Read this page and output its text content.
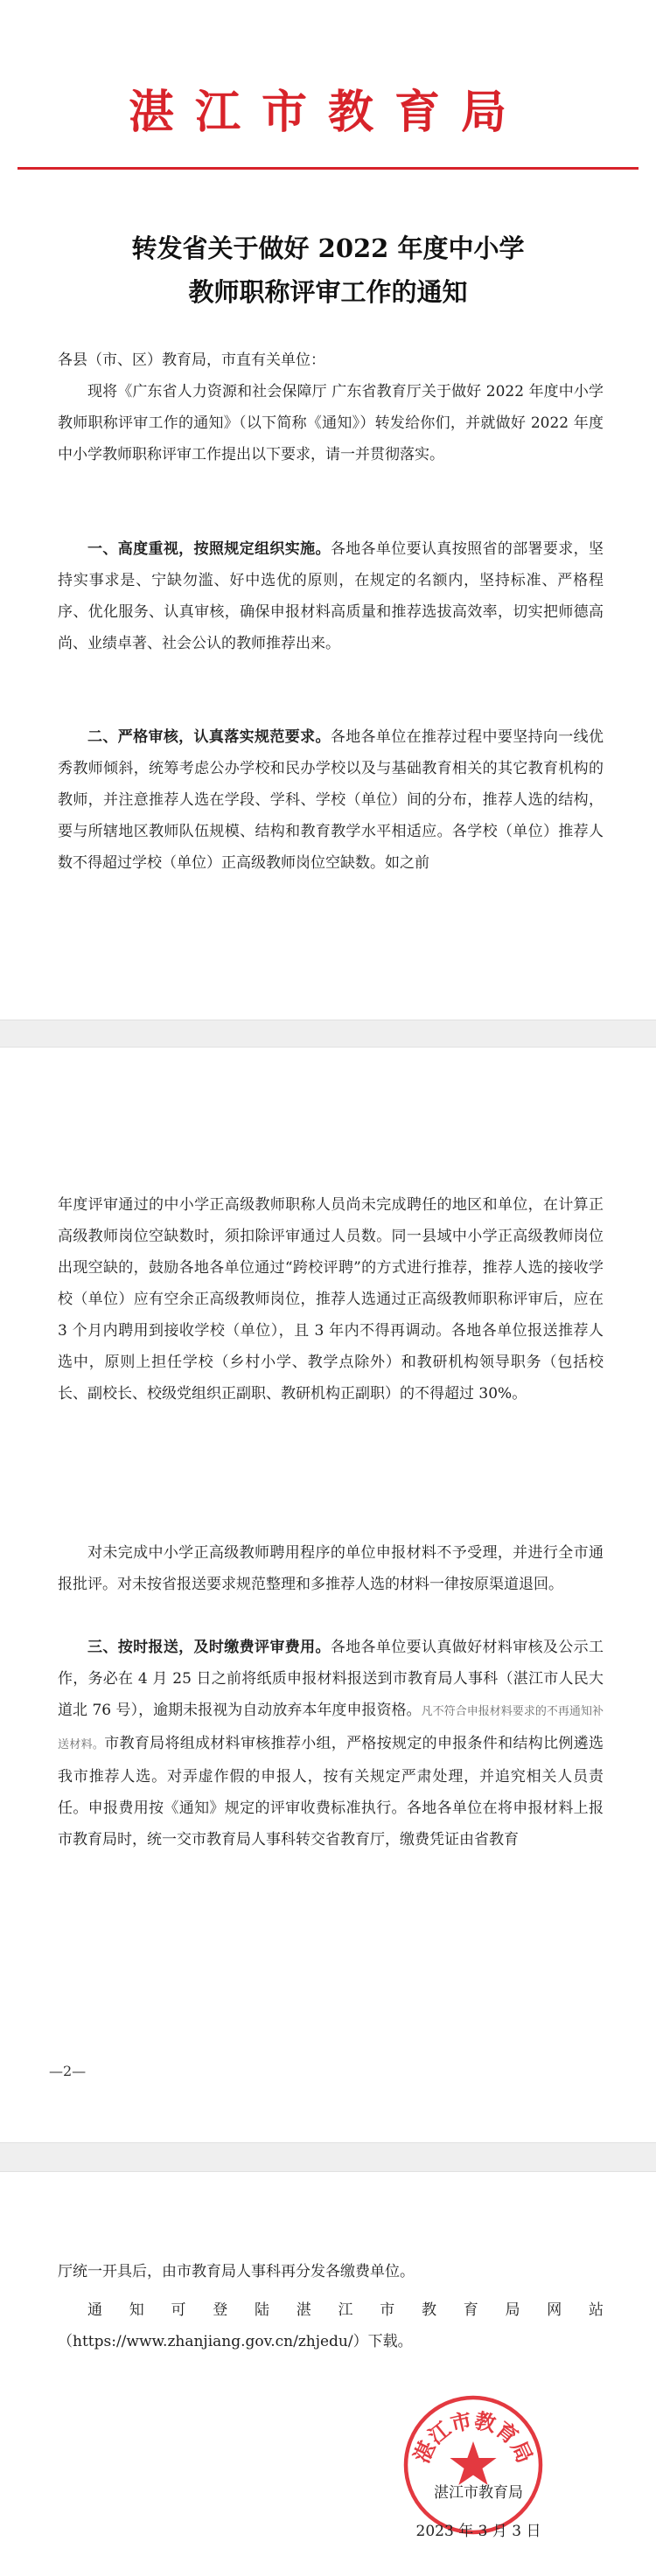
湛江市教育局
转发省关于做好 2022 年度中小学
教师职称评审工作的通知

各县（市、区）教育局，市直有关单位：

现将《广东省人力资源和社会保障厅 广东省教育厅关于做好 2022 年度中小学教师职称评审工作的通知》（以下简称《通知》）转发给你们，并就做好 2022 年度中小学教师职称评审工作提出以下要求，请一并贯彻落实。

一、高度重视，按照规定组织实施。各地各单位要认真按照省的部署要求，坚持实事求是、宁缺勿滥、好中选优的原则，在规定的名额内，坚持标准、严格程序、优化服务、认真审核，确保申报材料高质量和推荐选拔高效率，切实把师德高尚、业绩卓著、社会公认的教师推荐出来。

二、严格审核，认真落实规范要求。各地各单位在推荐过程中要坚持向一线优秀教师倾斜，统筹考虑公办学校和民办学校以及与基础教育相关的其它教育机构的教师，并注意推荐人选在学段、学科、学校（单位）间的分布，推荐人选的结构，要与所辖地区教师队伍规模、结构和教育教学水平相适应。各学校（单位）推荐人数不得超过学校（单位）正高级教师岗位空缺数。如之前

年度评审通过的中小学正高级教师职称人员尚未完成聘任的地区和单位，在计算正高级教师岗位空缺数时，须扣除评审通过人员数。同一县域中小学正高级教师岗位出现空缺的，鼓励各地各单位通过“跨校评聘”的方式进行推荐，推荐人选的接收学校（单位）应有空余正高级教师岗位，推荐人选通过正高级教师职称评审后，应在 3 个月内聘用到接收学校（单位），且 3 年内不得再调动。各地各单位报送推荐人选中，原则上担任学校（乡村小学、教学点除外）和教研机构领导职务（包括校长、副校长、校级党组织正副职、教研机构正副职）的不得超过 30%。

对未完成中小学正高级教师聘用程序的单位申报材料不予受理，并进行全市通报批评。对未按省报送要求规范整理和多推荐人选的材料一律按原渠道退回。

三、按时报送，及时缴费评审费用。各地各单位要认真做好材料审核及公示工作，务必在 4 月 25 日之前将纸质申报材料报送到市教育局人事科（湛江市人民大道北 76 号），逾期未报视为自动放弃本年度申报资格。凡不符合申报材料要求的不再通知补送材料。市教育局将组成材料审核推荐小组，严格按规定的申报条件和结构比例遴选我市推荐人选。对弄虚作假的申报人，按有关规定严肃处理，并追究相关人员责任。申报费用按《通知》规定的评审收费标准执行。各地各单位在将申报材料上报市教育局时，统一交市教育局人事科转交省教育厅，缴费凭证由省教育

—2—

厅统一开具后，由市教育局人事科再分发各缴费单位。

通 知 可 登 陆 湛 江 市 教 育 局 网 站
（https://www.zhanjiang.gov.cn/zhjedu/）下载。
湛江市教育局
湛江市教育局
2023 年 3 月 3 日
